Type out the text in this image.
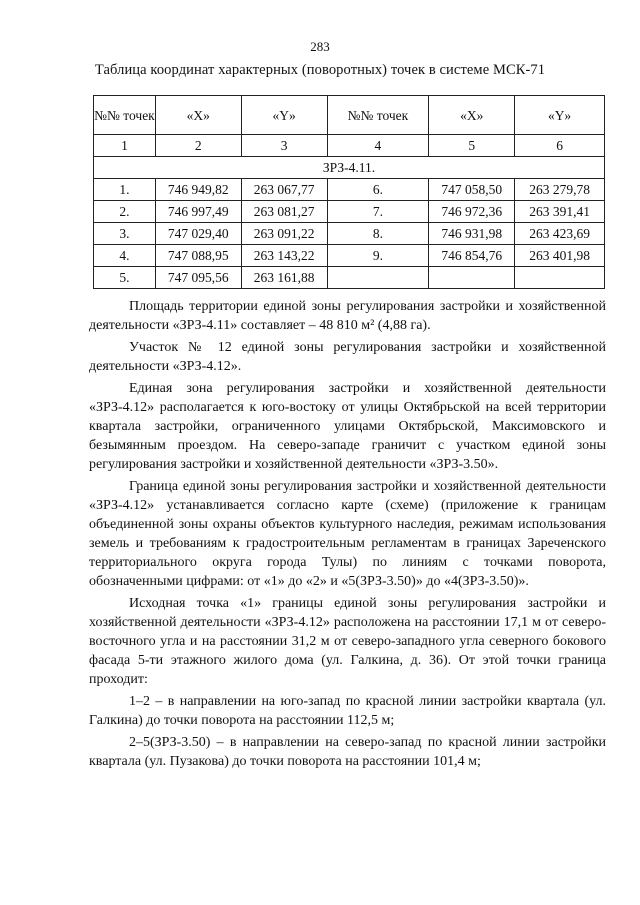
283
Таблица координат характерных (поворотных) точек в системе МСК-71
№№ точек	«X»	«Y»	№№ точек	«X»	«Y»
1	2	3	4	5	6
ЗРЗ-4.11.					
1.	746 949,82	263 067,77	6.	747 058,50	263 279,78
2.	746 997,49	263 081,27	7.	746 972,36	263 391,41
3.	747 029,40	263 091,22	8.	746 931,98	263 423,69
4.	747 088,95	263 143,22	9.	746 854,76	263 401,98
5.	747 095,56	263 161,88			

Площадь территории единой зоны регулирования застройки и хозяйственной деятельности «ЗРЗ-4.11» составляет – 48 810 м² (4,88 га).

Участок № 12 единой зоны регулирования застройки и хозяйственной деятельности «ЗРЗ-4.12».

Единая зона регулирования застройки и хозяйственной деятельности «ЗРЗ-4.12» располагается к юго-востоку от улицы Октябрьской на всей территории квартала застройки, ограниченного улицами Октябрьской, Максимовского и безымянным проездом. На северо-западе граничит с участком единой зоны регулирования застройки и хозяйственной деятельности «ЗРЗ-3.50».

Граница единой зоны регулирования застройки и хозяйственной деятельности «ЗРЗ-4.12» устанавливается согласно карте (схеме) (приложение к границам объединенной зоны охраны объектов культурного наследия, режимам использования земель и требованиям к градостроительным регламентам в границах Зареченского территориального округа города Тулы) по линиям с точками поворота, обозначенными цифрами: от «1» до «2» и «5(ЗРЗ-3.50)» до «4(ЗРЗ-3.50)».

Исходная точка «1» границы единой зоны регулирования застройки и хозяйственной деятельности «ЗРЗ-4.12» расположена на расстоянии 17,1 м от северо-восточного угла и на расстоянии 31,2 м от северо-западного угла северного бокового фасада 5-ти этажного жилого дома (ул. Галкина, д. 36). От этой точки граница проходит:

1–2 – в направлении на юго-запад по красной линии застройки квартала (ул. Галкина) до точки поворота на расстоянии 112,5 м;

2–5(ЗРЗ-3.50) – в направлении на северо-запад по красной линии застройки квартала (ул. Пузакова) до точки поворота на расстоянии 101,4 м;
